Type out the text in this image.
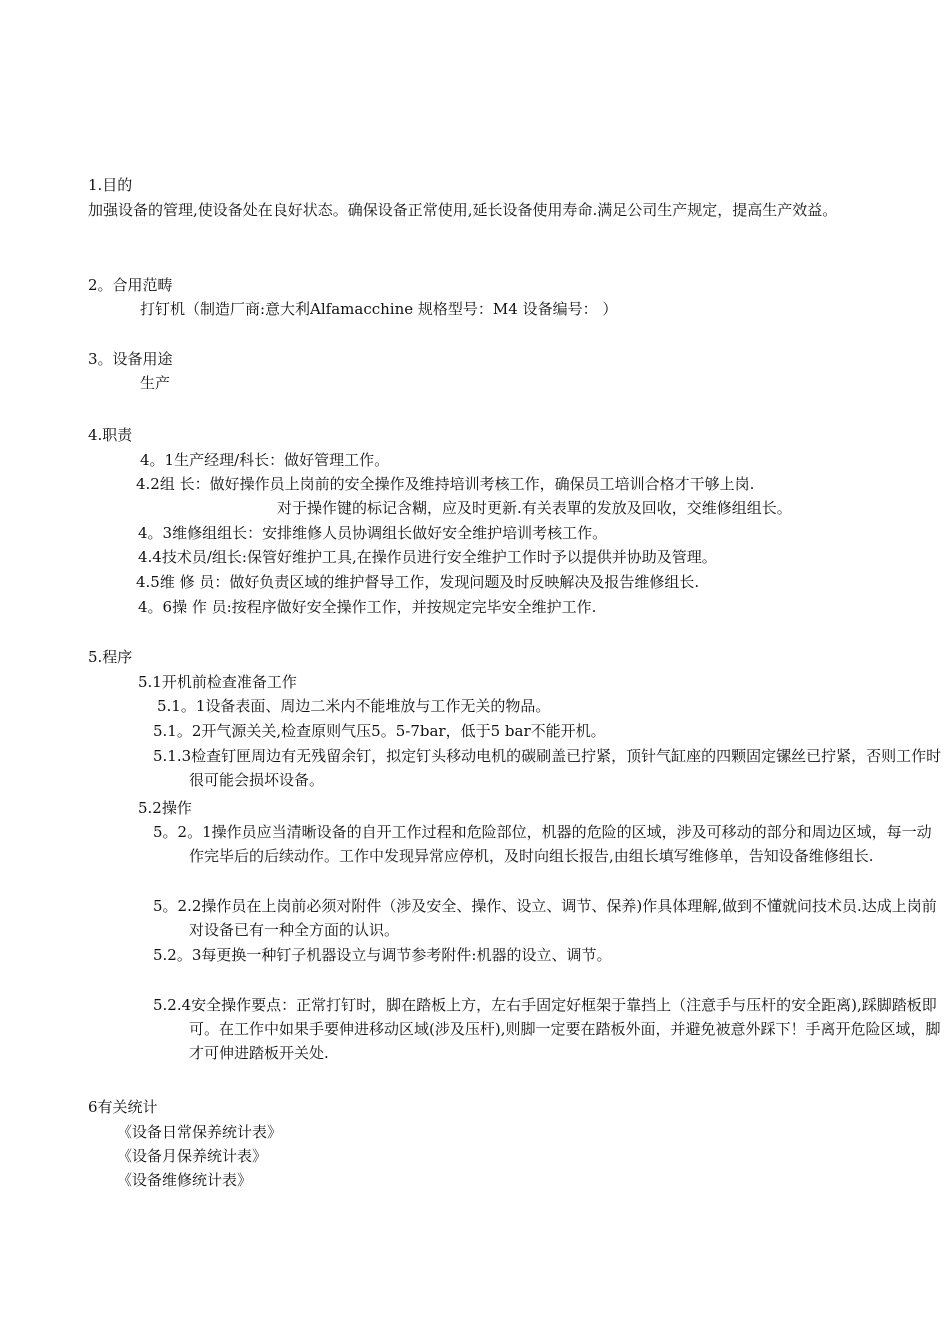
1.目的
加强设备的管理,使设备处在良好状态。确保设备正常使用,延长设备使用寿命.满足公司生产规定，提高生产效益。
2。合用范畴
打钉机（制造厂商:意大利Alfamacchine 规格型号：M4 设备编号： ）
3。设备用途
生产
4.职责
4。1生产经理/科长：做好管理工作。
4.2组 长：做好操作员上岗前的安全操作及维持培训考核工作，确保员工培训合格才干够上岗.
对于操作键的标记含糊，应及时更新.有关表單的发放及回收，交维修组组长。
4。3维修组组长：安排维修人员协调组长做好安全维护培训考核工作。
4.4技术员/组长:保管好维护工具,在操作员进行安全维护工作时予以提供并协助及管理。
4.5维 修 员：做好负责区域的维护督导工作，发现问题及时反映解决及报告维修组长.
4。6操 作 员:按程序做好安全操作工作，并按规定完毕安全维护工作.
5.程序
5.1开机前检查准备工作
5.1。1设备表面、周边二米内不能堆放与工作无关的物品。
5.1。2开气源关关,检查原则气压5。5-7bar，低于5 bar不能开机。
5.1.3检查钉匣周边有无残留余钉，拟定钉头移动电机的碳刷盖已拧紧，顶针气缸座的四颗固定镙丝已拧紧，否则工作时很可能会损坏设备。
5.2操作
5。2。1操作员应当清晰设备的自开工作过程和危险部位，机器的危险的区域，涉及可移动的部分和周边区域，每一动作完毕后的后续动作。工作中发现异常应停机，及时向组长报告,由组长填写维修单，告知设备维修组长.
5。2.2操作员在上岗前必须对附件（涉及安全、操作、设立、调节、保养)作具体理解,做到不懂就问技术员.达成上岗前对设备已有一种全方面的认识。
5.2。3每更换一种钉子机器设立与调节参考附件:机器的设立、调节。
5.2.4安全操作要点：正常打钉时，脚在踏板上方，左右手固定好框架于靠挡上（注意手与压杆的安全距离),踩脚踏板即可。在工作中如果手要伸进移动区域(涉及压杆),则脚一定要在踏板外面，并避免被意外踩下！手离开危险区域，脚才可伸进踏板开关处.
6有关统计
《设备日常保养统计表》
《设备月保养统计表》
《设备维修统计表》
